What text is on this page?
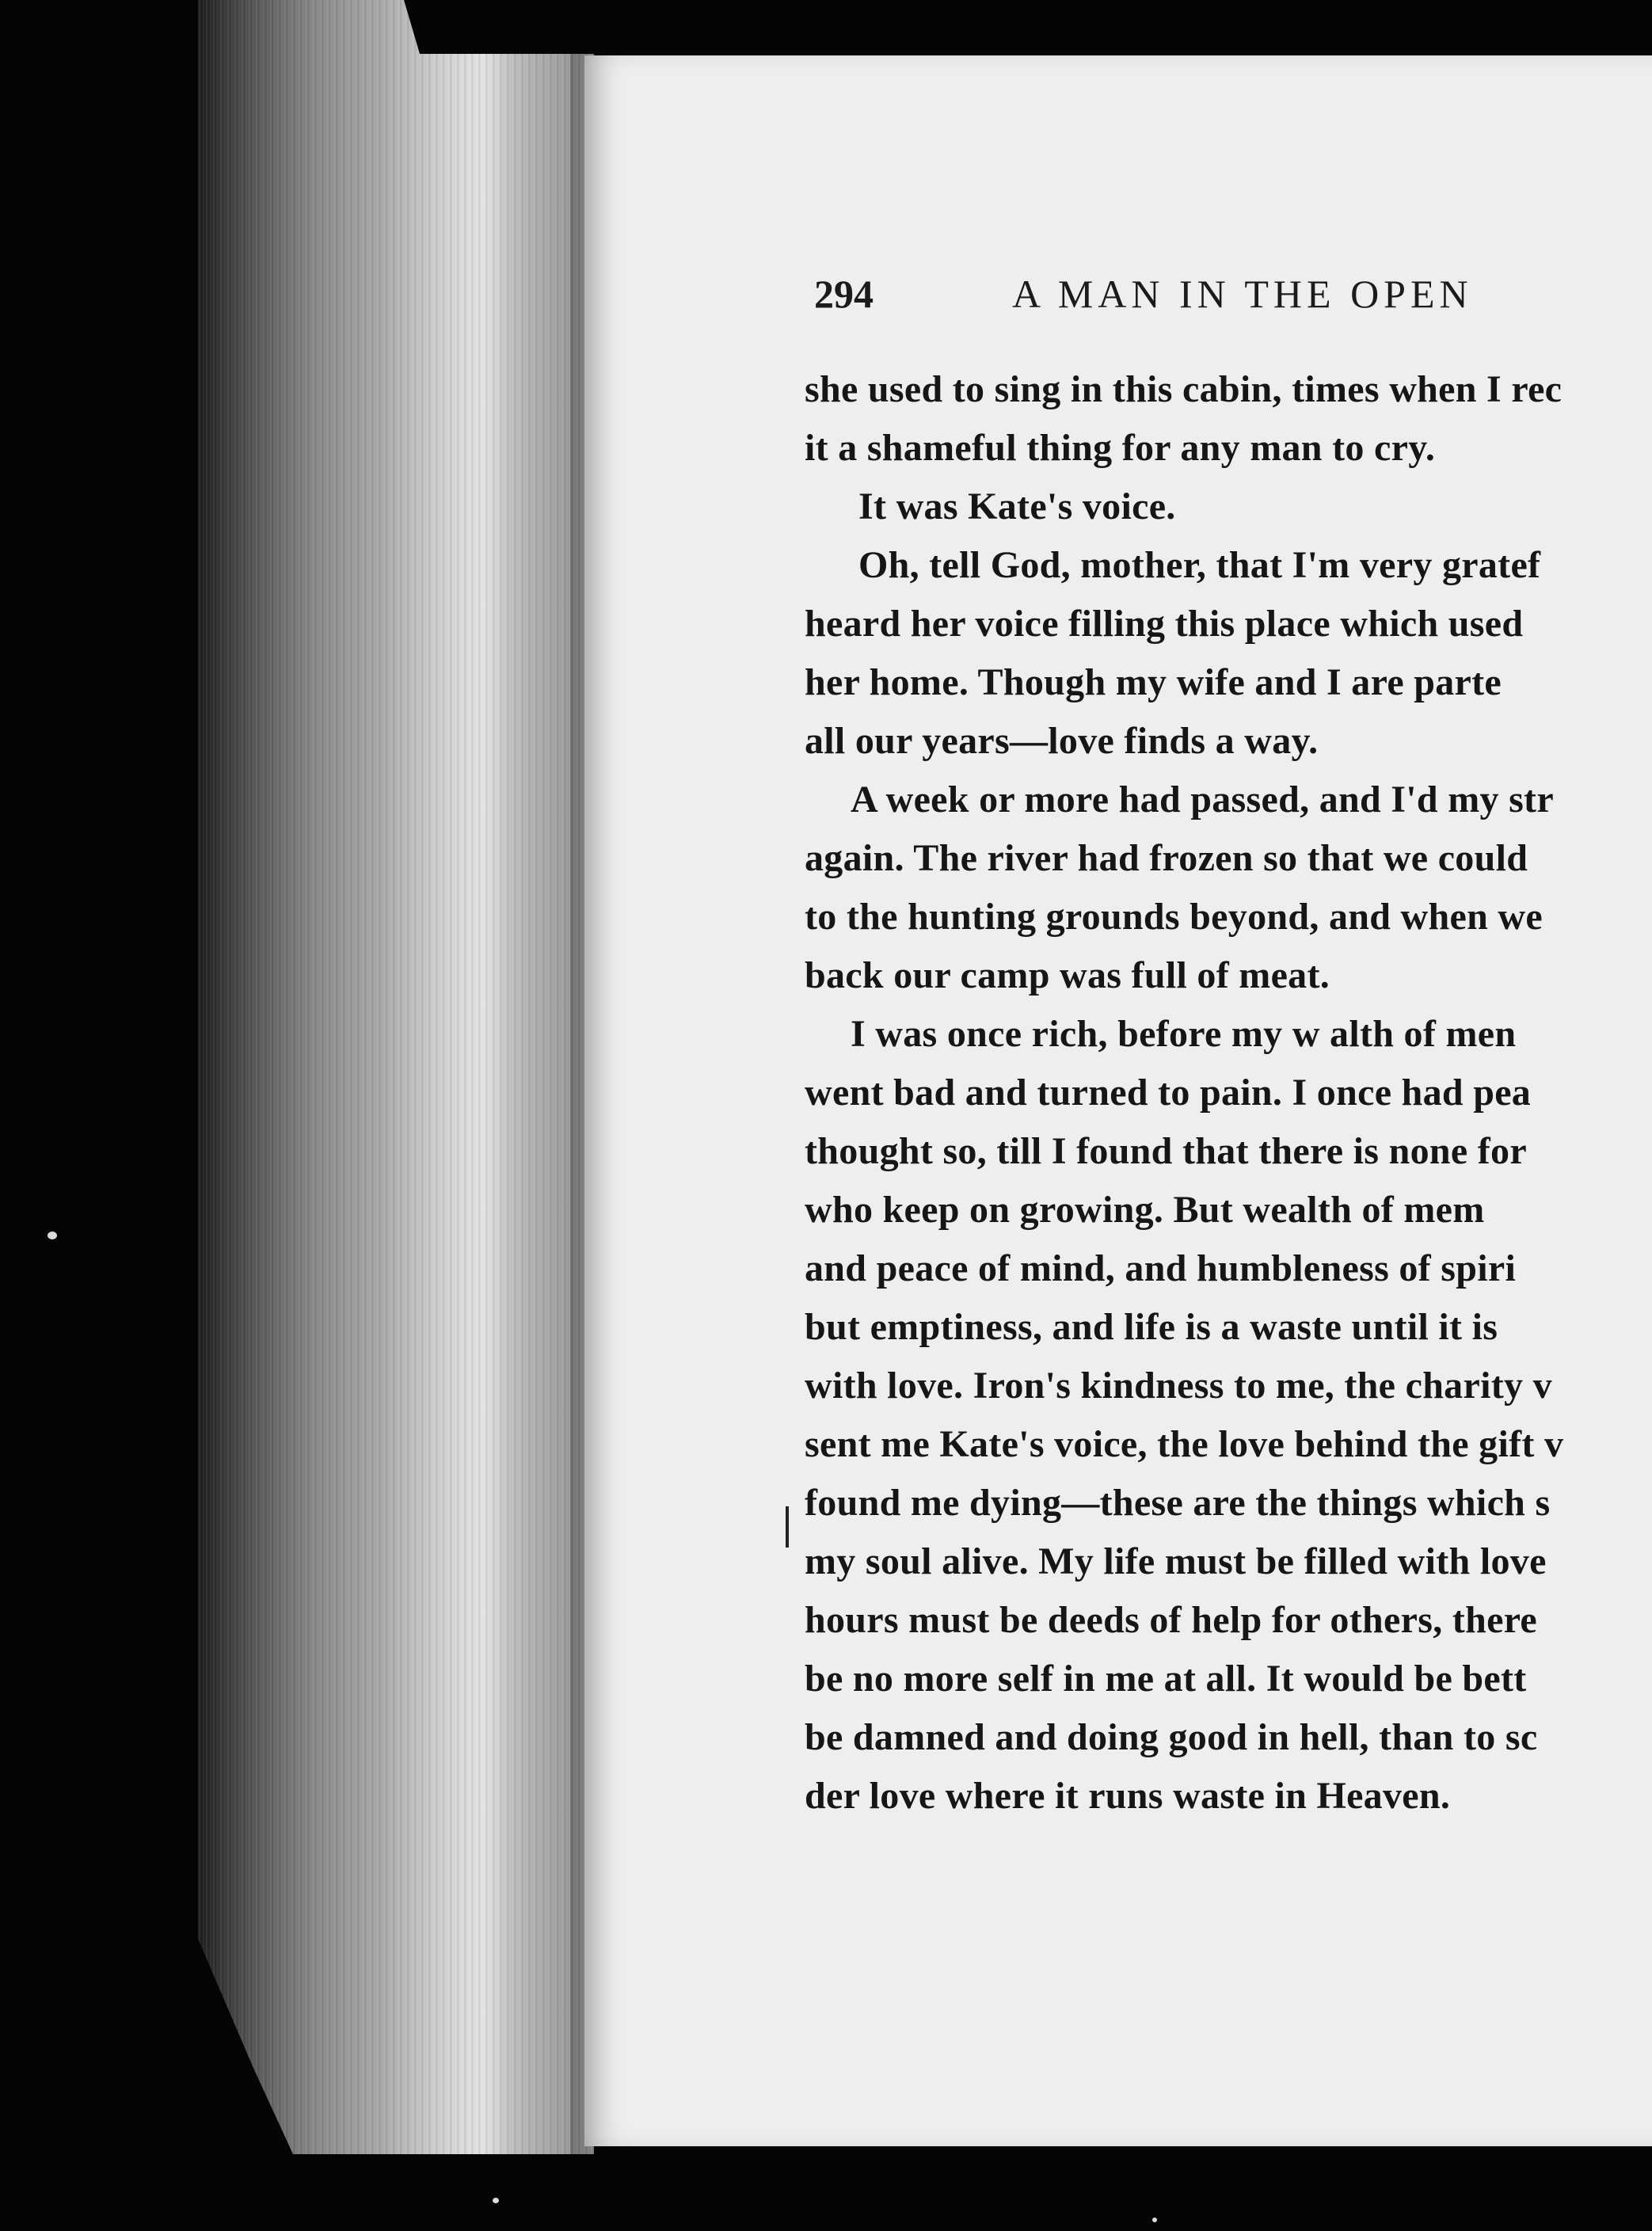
294	A MAN IN THE OPEN
she used to sing in this cabin, times when I rec
it a shameful thing for any man to cry.
It was Kate's voice.
Oh, tell God, mother, that I'm very gratef
heard her voice filling this place which used
her home. Though my wife and I are parte
all our years—love finds a way.
A week or more had passed, and I'd my str
again. The river had frozen so that we could
to the hunting grounds beyond, and when we
back our camp was full of meat.
I was once rich, before my w alth of men
went bad and turned to pain. I once had pea
thought so, till I found that there is none for
who keep on growing. But wealth of mem
and peace of mind, and humbleness of spiri
but emptiness, and life is a waste until it is
with love. Iron's kindness to me, the charity v
sent me Kate's voice, the love behind the gift v
found me dying—these are the things which s
my soul alive. My life must be filled with love
hours must be deeds of help for others, there
be no more self in me at all. It would be bett
be damned and doing good in hell, than to sc
der love where it runs waste in Heaven.
